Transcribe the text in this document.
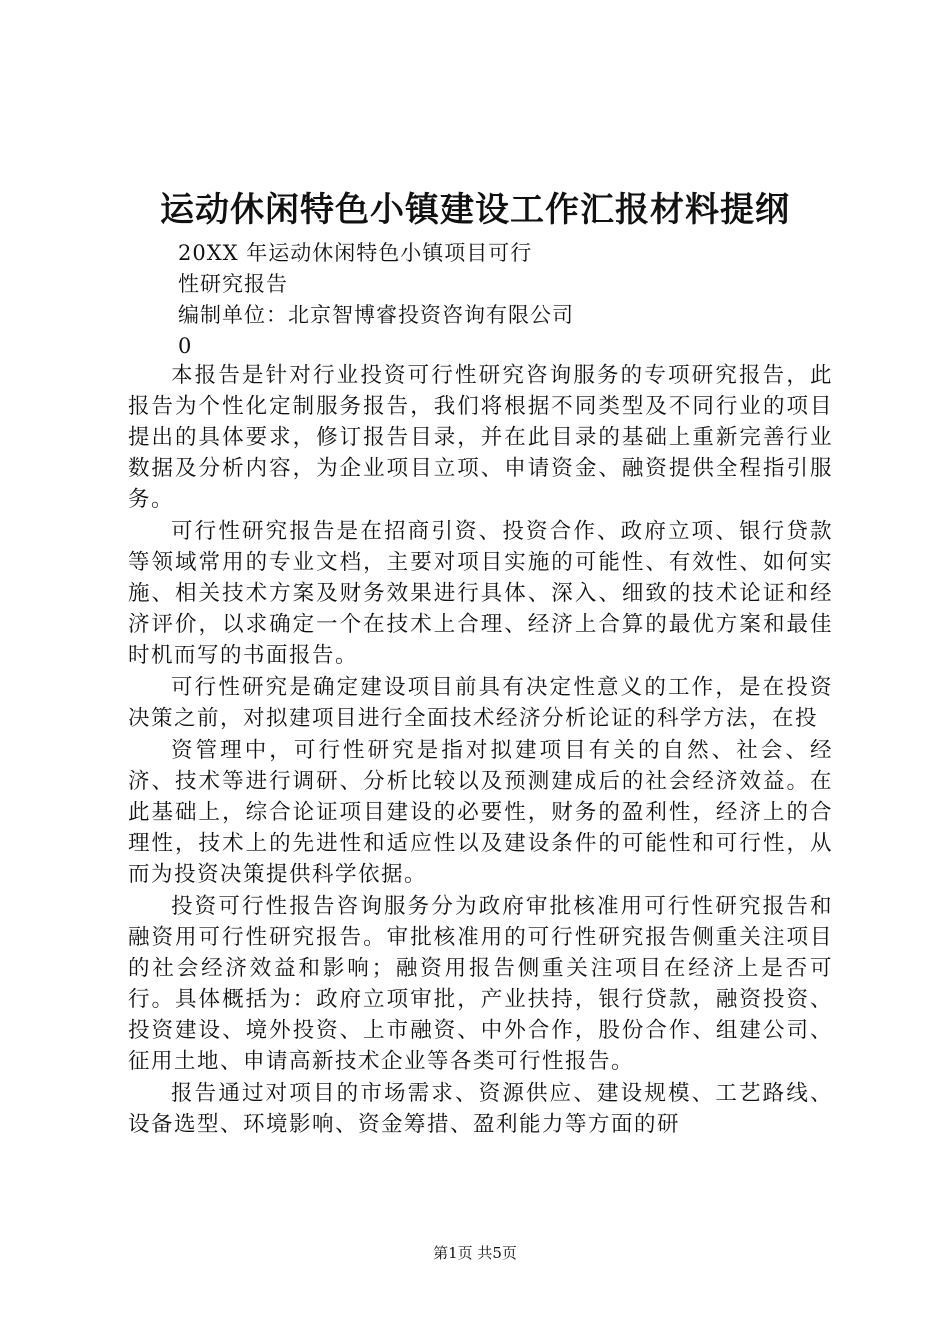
运动休闲特色小镇建设工作汇报材料提纲
20XX 年运动休闲特色小镇项目可行
性研究报告
编制单位：北京智博睿投资咨询有限公司
0

本报告是针对行业投资可行性研究咨询服务的专项研究报告，此报告为个性化定制服务报告，我们将根据不同类型及不同行业的项目提出的具体要求，修订报告目录，并在此目录的基础上重新完善行业数据及分析内容，为企业项目立项、申请资金、融资提供全程指引服务。

可行性研究报告是在招商引资、投资合作、政府立项、银行贷款等领域常用的专业文档，主要对项目实施的可能性、有效性、如何实施、相关技术方案及财务效果进行具体、深入、细致的技术论证和经济评价，以求确定一个在技术上合理、经济上合算的最优方案和最佳时机而写的书面报告。

可行性研究是确定建设项目前具有决定性意义的工作，是在投资决策之前，对拟建项目进行全面技术经济分析论证的科学方法，在投

资管理中，可行性研究是指对拟建项目有关的自然、社会、经济、技术等进行调研、分析比较以及预测建成后的社会经济效益。在此基础上，综合论证项目建设的必要性，财务的盈利性，经济上的合理性，技术上的先进性和适应性以及建设条件的可能性和可行性，从而为投资决策提供科学依据。

投资可行性报告咨询服务分为政府审批核准用可行性研究报告和融资用可行性研究报告。审批核准用的可行性研究报告侧重关注项目的社会经济效益和影响；融资用报告侧重关注项目在经济上是否可行。具体概括为：政府立项审批，产业扶持，银行贷款，融资投资、投资建设、境外投资、上市融资、中外合作，股份合作、组建公司、征用土地、申请高新技术企业等各类可行性报告。

报告通过对项目的市场需求、资源供应、建设规模、工艺路线、设备选型、环境影响、资金筹措、盈利能力等方面的研

第1页 共5页
